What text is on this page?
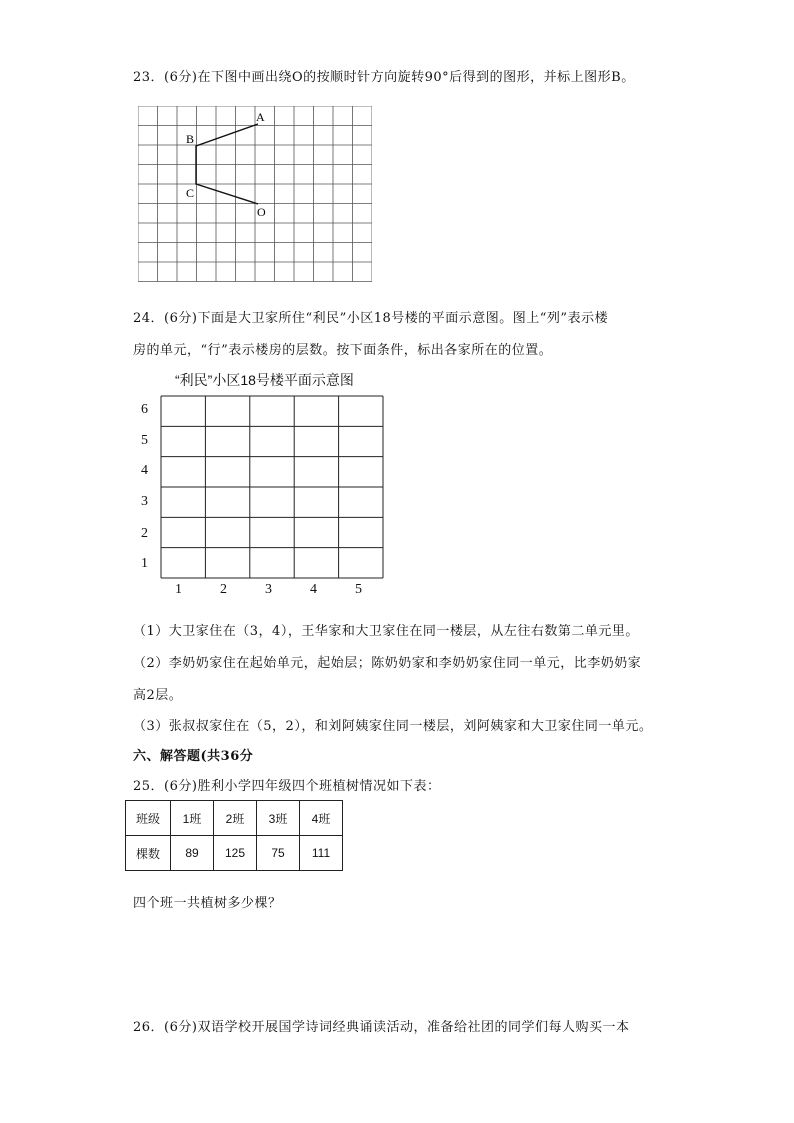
23．(6分)在下图中画出绕O的按顺时针方向旋转90°后得到的图形，并标上图形B。
A
B
C
O
24．(6分)下面是大卫家所住“利民”小区18号楼的平面示意图。图上“列”表示楼
房的单元，“行”表示楼房的层数。按下面条件，标出各家所在的位置。
“利民”小区18号楼平面示意图
6
5
4
3
2
1
1	2	3	4	5
（1）大卫家住在（3，4），王华家和大卫家住在同一楼层，从左往右数第二单元里。
（2）李奶奶家住在起始单元，起始层；陈奶奶家和李奶奶家住同一单元，比李奶奶家
高2层。
（3）张叔叔家住在（5，2），和刘阿姨家住同一楼层，刘阿姨家和大卫家住同一单元。
六、解答题(共36分
25．(6分)胜利小学四年级四个班植树情况如下表：
班级	1班	2班	3班	4班
棵数	89	125	75	111
四个班一共植树多少棵？
26．(6分)双语学校开展国学诗词经典诵读活动，准备给社团的同学们每人购买一本
